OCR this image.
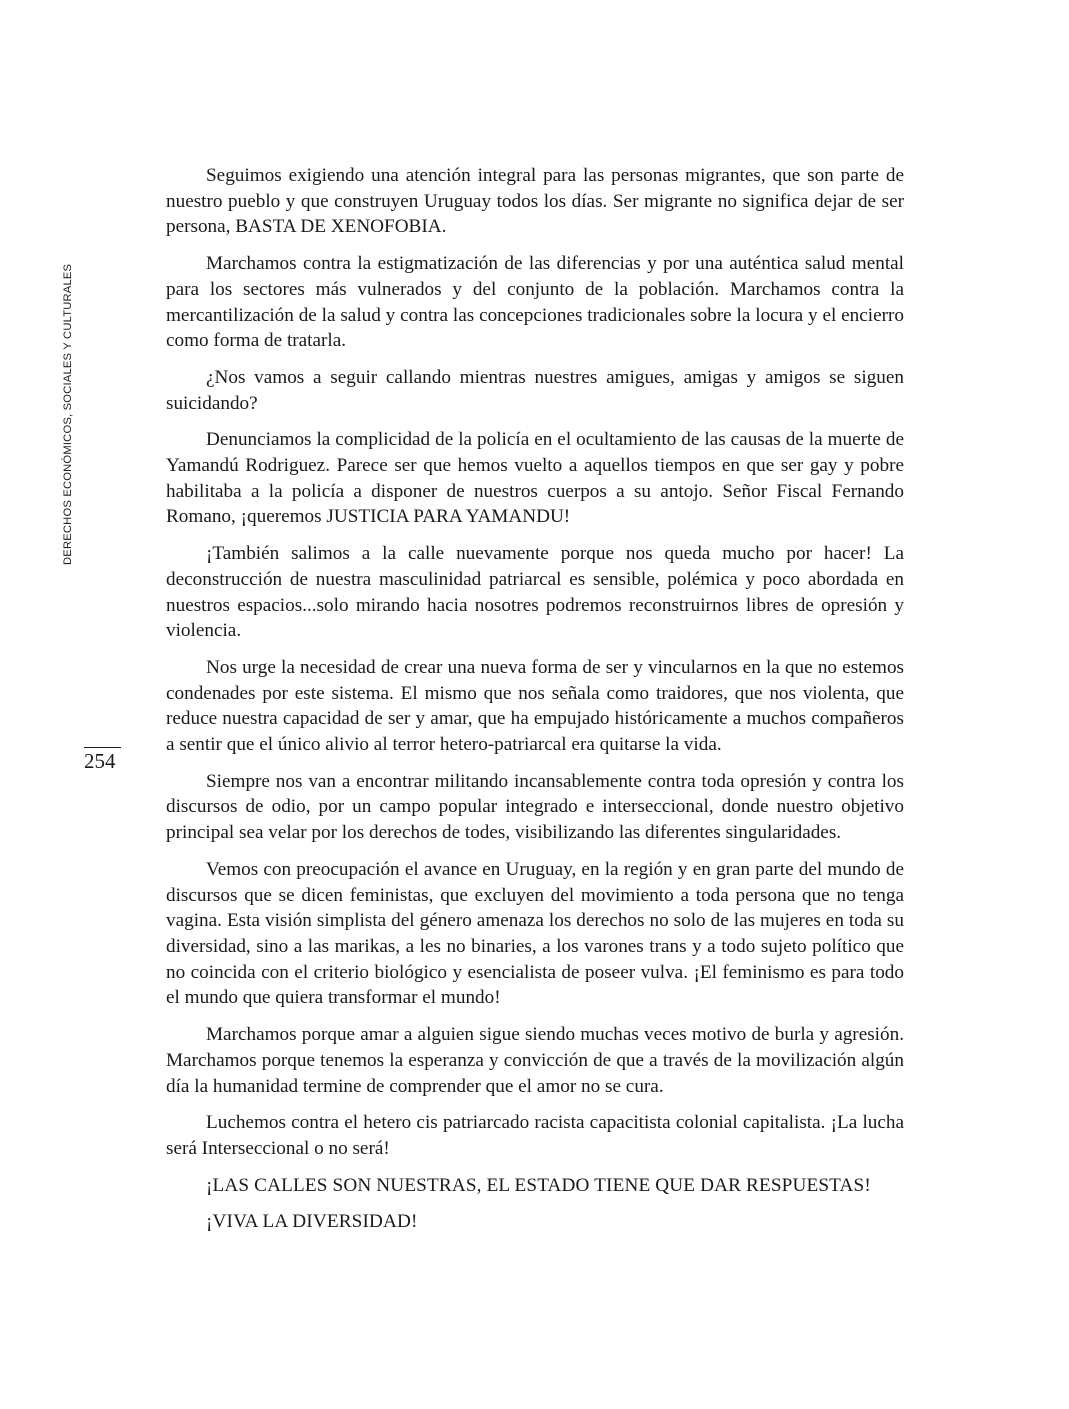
DERECHOS ECONÓMICOS, SOCIALES Y CULTURALES
254

Seguimos exigiendo una atención integral para las personas migrantes, que son parte de nuestro pueblo y que construyen Uruguay todos los días. Ser migrante no significa dejar de ser persona, BASTA DE XENOFOBIA.

Marchamos contra la estigmatización de las diferencias y por una auténtica salud mental para los sectores más vulnerados y del conjunto de la población. Marchamos contra la mercantilización de la salud y contra las concepciones tradicionales sobre la locura y el encierro como forma de tratarla.

¿Nos vamos a seguir callando mientras nuestres amigues, amigas y amigos se siguen suicidando?

Denunciamos la complicidad de la policía en el ocultamiento de las causas de la muerte de Yamandú Rodriguez. Parece ser que hemos vuelto a aquellos tiempos en que ser gay y pobre habilitaba a la policía a disponer de nuestros cuerpos a su antojo. Señor Fiscal Fernando Romano, ¡queremos JUSTICIA PARA YAMANDU!

¡También salimos a la calle nuevamente porque nos queda mucho por hacer! La deconstrucción de nuestra masculinidad patriarcal es sensible, polémica y poco abordada en nuestros espacios...solo mirando hacia nosotres podremos reconstruirnos libres de opresión y violencia.

Nos urge la necesidad de crear una nueva forma de ser y vincularnos en la que no estemos condenades por este sistema. El mismo que nos señala como traidores, que nos violenta, que reduce nuestra capacidad de ser y amar, que ha empujado históricamente a muchos compañeros a sentir que el único alivio al terror hetero-patriarcal era quitarse la vida.

Siempre nos van a encontrar militando incansablemente contra toda opresión y contra los discursos de odio, por un campo popular integrado e interseccional, donde nuestro objetivo principal sea velar por los derechos de todes, visibilizando las diferentes singularidades.

Vemos con preocupación el avance en Uruguay, en la región y en gran parte del mundo de discursos que se dicen feministas, que excluyen del movimiento a toda persona que no tenga vagina. Esta visión simplista del género amenaza los derechos no solo de las mujeres en toda su diversidad, sino a las marikas, a les no binaries, a los varones trans y a todo sujeto político que no coincida con el criterio biológico y esencialista de poseer vulva. ¡El feminismo es para todo el mundo que quiera transformar el mundo!

Marchamos porque amar a alguien sigue siendo muchas veces motivo de burla y agresión. Marchamos porque tenemos la esperanza y convicción de que a través de la movilización algún día la humanidad termine de comprender que el amor no se cura.

Luchemos contra el hetero cis patriarcado racista capacitista colonial capitalista. ¡La lucha será Interseccional o no será!

¡LAS CALLES SON NUESTRAS, EL ESTADO TIENE QUE DAR RESPUESTAS!

¡VIVA LA DIVERSIDAD!
